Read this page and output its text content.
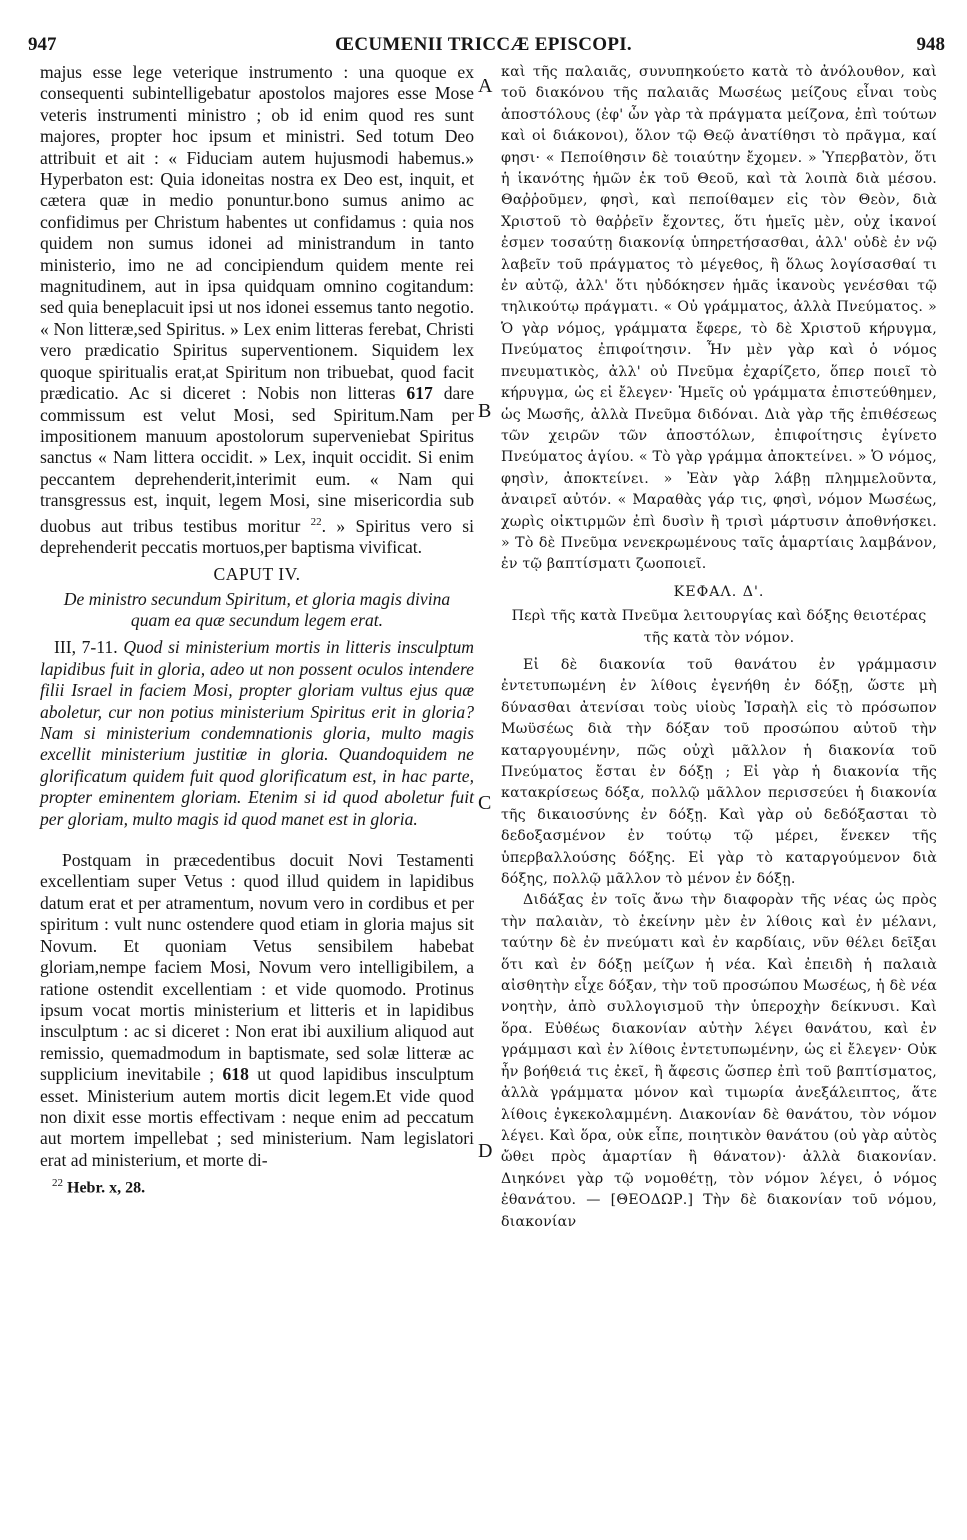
947	ŒCUMENII TRICCÆ EPISCOPI.	948
A
B
C
D

majus esse lege veterique instrumento : una quoque ex consequenti subintelligebatur apostolos majores esse Mose veteris instrumenti ministro ; ob id enim quod res sunt majores, propter hoc ipsum et ministri. Sed totum Deo attribuit et ait : « Fiduciam autem hujusmodi habemus.» Hyperbaton est: Quia idoneitas nostra ex Deo est, inquit, et cætera quæ in medio ponuntur.bono sumus animo ac confidimus per Christum habentes ut confidamus : quia nos quidem non sumus idonei ad ministrandum in tanto ministerio, imo ne ad concipiendum quidem mente rei magnitudinem, aut in ipsa quidquam omnino cogitandum: sed quia beneplacuit ipsi ut nos idonei essemus tanto negotio. « Non litteræ,sed Spiritus. » Lex enim litteras ferebat, Christi vero prædicatio Spiritus superventionem. Siquidem lex quoque spiritualis erat,at Spiritum non tribuebat, quod facit prædicatio. Ac si diceret : Nobis non litteras 617 dare commissum est velut Mosi, sed Spiritum.Nam per impositionem manuum apostolorum superveniebat Spiritus sanctus « Nam littera occidit. » Lex, inquit occidit. Si enim peccantem deprehenderit,interimit eum. « Nam qui transgressus est, inquit, legem Mosi, sine misericordia sub duobus aut tribus testibus moritur $^{22}$. » Spiritus vero si deprehenderit peccatis mortuos,per baptisma vivificat.

CAPUT IV.
De ministro secundum Spiritum, et gloria magis divina quam ea quæ secundum legem erat.

III, 7-11. Quod si ministerium mortis in litteris insculptum lapidibus fuit in gloria, adeo ut non possent oculos intendere filii Israel in faciem Mosi, propter gloriam vultus ejus quæ aboletur, cur non potius ministerium Spiritus erit in gloria? Nam si ministerium condemnationis gloria, multo magis excellit ministerium justitiæ in gloria. Quandoquidem ne glorificatum quidem fuit quod glorificatum est, in hac parte, propter eminentem gloriam. Etenim si id quod aboletur fuit per gloriam, multo magis id quod manet est in gloria.

Postquam in præcedentibus docuit Novi Testamenti excellentiam super Vetus : quod illud quidem in lapidibus datum erat et per atramentum, novum vero in cordibus et per spiritum : vult nunc ostendere quod etiam in gloria majus sit Novum. Et quoniam Vetus sensibilem habebat gloriam,nempe faciem Mosi, Novum vero intelligibilem, a ratione ostendit excellentiam : et vide quomodo. Protinus ipsum vocat mortis ministerium et litteris et in lapidibus insculptum : ac si diceret : Non erat ibi auxilium aliquod aut remissio, quemadmodum in baptismate, sed solæ litteræ ac supplicium inevitabile ; 618 ut quod lapidibus insculptum esset. Ministerium autem mortis dicit legem.Et vide quod non dixit esse mortis effectivam : neque enim ad peccatum aut mortem impellebat ; sed ministerium. Nam legislatori erat ad ministerium, et morte di-

$^{22}$ Hebr. x, 28.

καὶ τῆς παλαιᾶς, συνυπηκούετο κατὰ τὸ ἀνόλουθον, καὶ τοῦ διακόνου τῆς παλαιᾶς Μωσέως μείζους εἶναι τοὺς ἀποστόλους (ἐφ' ὧν γὰρ τὰ πράγματα μείζονα, ἐπὶ τούτων καὶ οἱ διάκονοι), ὅλον τῷ Θεῷ ἀνατίθησι τὸ πρᾶγμα, καί φησι· « Πεποίθησιν δὲ τοιαύτην ἔχομεν. » Ὑπερβατὸν, ὅτι ἡ ἱκανότης ἡμῶν ἐκ τοῦ Θεοῦ, καὶ τὰ λοιπὰ διὰ μέσου. Θαῤῥοῦμεν, φησὶ, καὶ πεποίθαμεν εἰς τὸν Θεὸν, διὰ Χριστοῦ τὸ θαῤῥεῖν ἔχοντες, ὅτι ἡμεῖς μὲν, οὐχ ἱκανοί ἐσμεν τοσαύτῃ διακονίᾳ ὑπηρετήσασθαι, ἀλλ' οὐδὲ ἐν νῷ λαβεῖν τοῦ πράγματος τὸ μέγεθος, ἢ ὅλως λογίσασθαί τι ἐν αὐτῷ, ἀλλ' ὅτι ηὐδόκησεν ἡμᾶς ἱκανοὺς γενέσθαι τῷ τηλικούτῳ πράγματι. « Οὐ γράμματος, ἀλλὰ Πνεύματος. » Ὁ γὰρ νόμος, γράμματα ἔφερε, τὸ δὲ Χριστοῦ κήρυγμα, Πνεύματος ἐπιφοίτησιν. Ἦν μὲν γὰρ καὶ ὁ νόμος πνευματικὸς, ἀλλ' οὐ Πνεῦμα ἐχαρίζετο, ὅπερ ποιεῖ τὸ κήρυγμα, ὡς εἰ ἔλεγεν· Ἡμεῖς οὐ γράμματα ἐπιστεύθημεν, ὡς Μωσῆς, ἀλλὰ Πνεῦμα διδόναι. Διὰ γὰρ τῆς ἐπιθέσεως τῶν χειρῶν τῶν ἀποστόλων, ἐπιφοίτησις ἐγίνετο Πνεύματος ἁγίου. « Τὸ γὰρ γράμμα ἀποκτείνει. » Ὁ νόμος, φησὶν, ἀποκτείνει. » Ἐὰν γὰρ λάβῃ πλημμελοῦντα, ἀναιρεῖ αὐτόν. « Μαραθὰς γάρ τις, φησὶ, νόμον Μωσέως, χωρὶς οἰκτιρμῶν ἐπὶ δυσὶν ἢ τρισὶ μάρτυσιν ἀποθνήσκει. » Τὸ δὲ Πνεῦμα νενεκρωμένους ταῖς ἁμαρτίαις λαμβάνον, ἐν τῷ βαπτίσματι ζωοποιεῖ.

ΚΕΦΑΛ. Δ'.
Περὶ τῆς κατὰ Πνεῦμα λειτουργίας καὶ δόξης θειοτέρας τῆς κατὰ τὸν νόμον.

Εἰ δὲ διακονία τοῦ θανάτου ἐν γράμμασιν ἐντετυπωμένη ἐν λίθοις ἐγενήθη ἐν δόξῃ, ὥστε μὴ δύνασθαι ἀτενίσαι τοὺς υἱοὺς Ἰσραὴλ εἰς τὸ πρόσωπον Μωϋσέως διὰ τὴν δόξαν τοῦ προσώπου αὐτοῦ τὴν καταργουμένην, πῶς οὐχὶ μᾶλλον ἡ διακονία τοῦ Πνεύματος ἔσται ἐν δόξῃ ; Εἰ γὰρ ἡ διακονία τῆς κατακρίσεως δόξα, πολλῷ μᾶλλον περισσεύει ἡ διακονία τῆς δικαιοσύνης ἐν δόξῃ. Καὶ γὰρ οὐ δεδόξασται τὸ δεδοξασμένον ἐν τούτῳ τῷ μέρει, ἕνεκεν τῆς ὑπερβαλλούσης δόξης. Εἰ γὰρ τὸ καταργούμενον διὰ δόξης, πολλῷ μᾶλλον τὸ μένον ἐν δόξῃ.

Διδάξας ἐν τοῖς ἄνω τὴν διαφορὰν τῆς νέας ὡς πρὸς τὴν παλαιὰν, τὸ ἐκείνην μὲν ἐν λίθοις καὶ ἐν μέλανι, ταύτην δὲ ἐν πνεύματι καὶ ἐν καρδίαις, νῦν θέλει δεῖξαι ὅτι καὶ ἐν δόξῃ μείζων ἡ νέα. Καὶ ἐπειδὴ ἡ παλαιὰ αἰσθητὴν εἶχε δόξαν, τὴν τοῦ προσώπου Μωσέως, ἡ δὲ νέα νοητὴν, ἀπὸ συλλογισμοῦ τὴν ὑπεροχὴν δείκνυσι. Καὶ ὅρα. Εὐθέως διακονίαν αὐτὴν λέγει θανάτου, καὶ ἐν γράμμασι καὶ ἐν λίθοις ἐντετυπωμένην, ὡς εἰ ἔλεγεν· Οὐκ ἦν βοήθειά τις ἐκεῖ, ἢ ἄφεσις ὥσπερ ἐπὶ τοῦ βαπτίσματος, ἀλλὰ γράμματα μόνον καὶ τιμωρία ἀνεξάλειπτος, ἅτε λίθοις ἐγκεκολαμμένη. Διακονίαν δὲ θανάτου, τὸν νόμον λέγει. Καὶ ὅρα, οὐκ εἶπε, ποιητικὸν θανάτου (οὐ γὰρ αὐτὸς ὤθει πρὸς ἁμαρτίαν ἢ θάνατον)· ἀλλὰ διακονίαν. Διηκόνει γὰρ τῷ νομοθέτῃ, τὸν νόμον λέγει, ὁ νόμος ἐθανάτου. — [ΘΕΟΔΩΡ.] Τὴν δὲ διακονίαν τοῦ νόμου, διακονίαν
